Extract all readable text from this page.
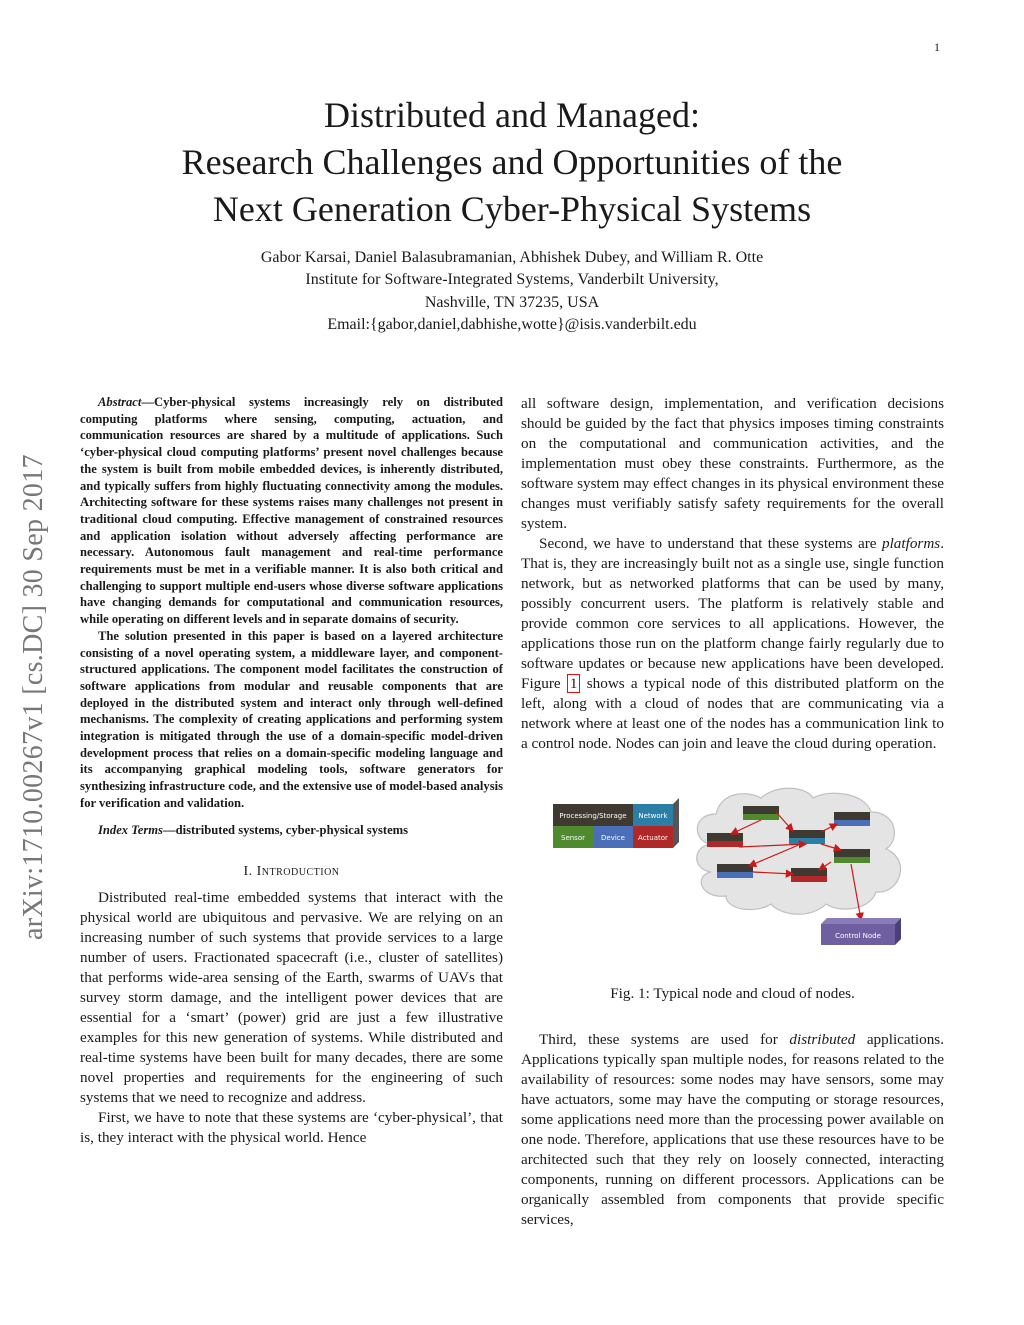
1
arXiv:1710.00267v1 [cs.DC] 30 Sep 2017
Distributed and Managed:
Research Challenges and Opportunities of the
Next Generation Cyber-Physical Systems
Gabor Karsai, Daniel Balasubramanian, Abhishek Dubey, and William R. Otte
Institute for Software-Integrated Systems, Vanderbilt University,
Nashville, TN 37235, USA
Email:{gabor,daniel,dabhishe,wotte}@isis.vanderbilt.edu

Abstract—Cyber-physical systems increasingly rely on distributed computing platforms where sensing, computing, actuation, and communication resources are shared by a multitude of applications. Such ‘cyber-physical cloud computing platforms’ present novel challenges because the system is built from mobile embedded devices, is inherently distributed, and typically suffers from highly fluctuating connectivity among the modules. Architecting software for these systems raises many challenges not present in traditional cloud computing. Effective management of constrained resources and application isolation without adversely affecting performance are necessary. Autonomous fault management and real-time performance requirements must be met in a verifiable manner. It is also both critical and challenging to support multiple end-users whose diverse software applications have changing demands for computational and communication resources, while operating on different levels and in separate domains of security.

The solution presented in this paper is based on a layered architecture consisting of a novel operating system, a middleware layer, and component-structured applications. The component model facilitates the construction of software applications from modular and reusable components that are deployed in the distributed system and interact only through well-defined mechanisms. The complexity of creating applications and performing system integration is mitigated through the use of a domain-specific model-driven development process that relies on a domain-specific modeling language and its accompanying graphical modeling tools, software generators for synthesizing infrastructure code, and the extensive use of model-based analysis for verification and validation.

Index Terms—distributed systems, cyber-physical systems
I. Introduction

Distributed real-time embedded systems that interact with the physical world are ubiquitous and pervasive. We are relying on an increasing number of such systems that provide services to a large number of users. Fractionated spacecraft (i.e., cluster of satellites) that performs wide-area sensing of the Earth, swarms of UAVs that survey storm damage, and the intelligent power devices that are essential for a ‘smart’ (power) grid are just a few illustrative examples for this new generation of systems. While distributed and real-time systems have been built for many decades, there are some novel properties and requirements for the engineering of such systems that we need to recognize and address.

First, we have to note that these systems are ‘cyber-physical’, that is, they interact with the physical world. Hence

all software design, implementation, and verification decisions should be guided by the fact that physics imposes timing constraints on the computational and communication activities, and the implementation must obey these constraints. Furthermore, as the software system may effect changes in its physical environment these changes must verifiably satisfy safety requirements for the overall system.

Second, we have to understand that these systems are platforms. That is, they are increasingly built not as a single use, single function network, but as networked platforms that can be used by many, possibly concurrent users. The platform is relatively stable and provide common core services to all applications. However, the applications those run on the platform change fairly regularly due to software updates or because new applications have been developed. Figure 1 shows a typical node of this distributed platform on the left, along with a cloud of nodes that are communicating via a network where at least one of the nodes has a communication link to a control node. Nodes can join and leave the cloud during operation.

Processing/Storage Network
Sensor Device Actuator
Control Node
Fig. 1: Typical node and cloud of nodes.

Third, these systems are used for distributed applications. Applications typically span multiple nodes, for reasons related to the availability of resources: some nodes may have sensors, some may have actuators, some may have the computing or storage resources, some applications need more than the processing power available on one node. Therefore, applications that use these resources have to be architected such that they rely on loosely connected, interacting components, running on different processors. Applications can be organically assembled from components that provide specific services,
